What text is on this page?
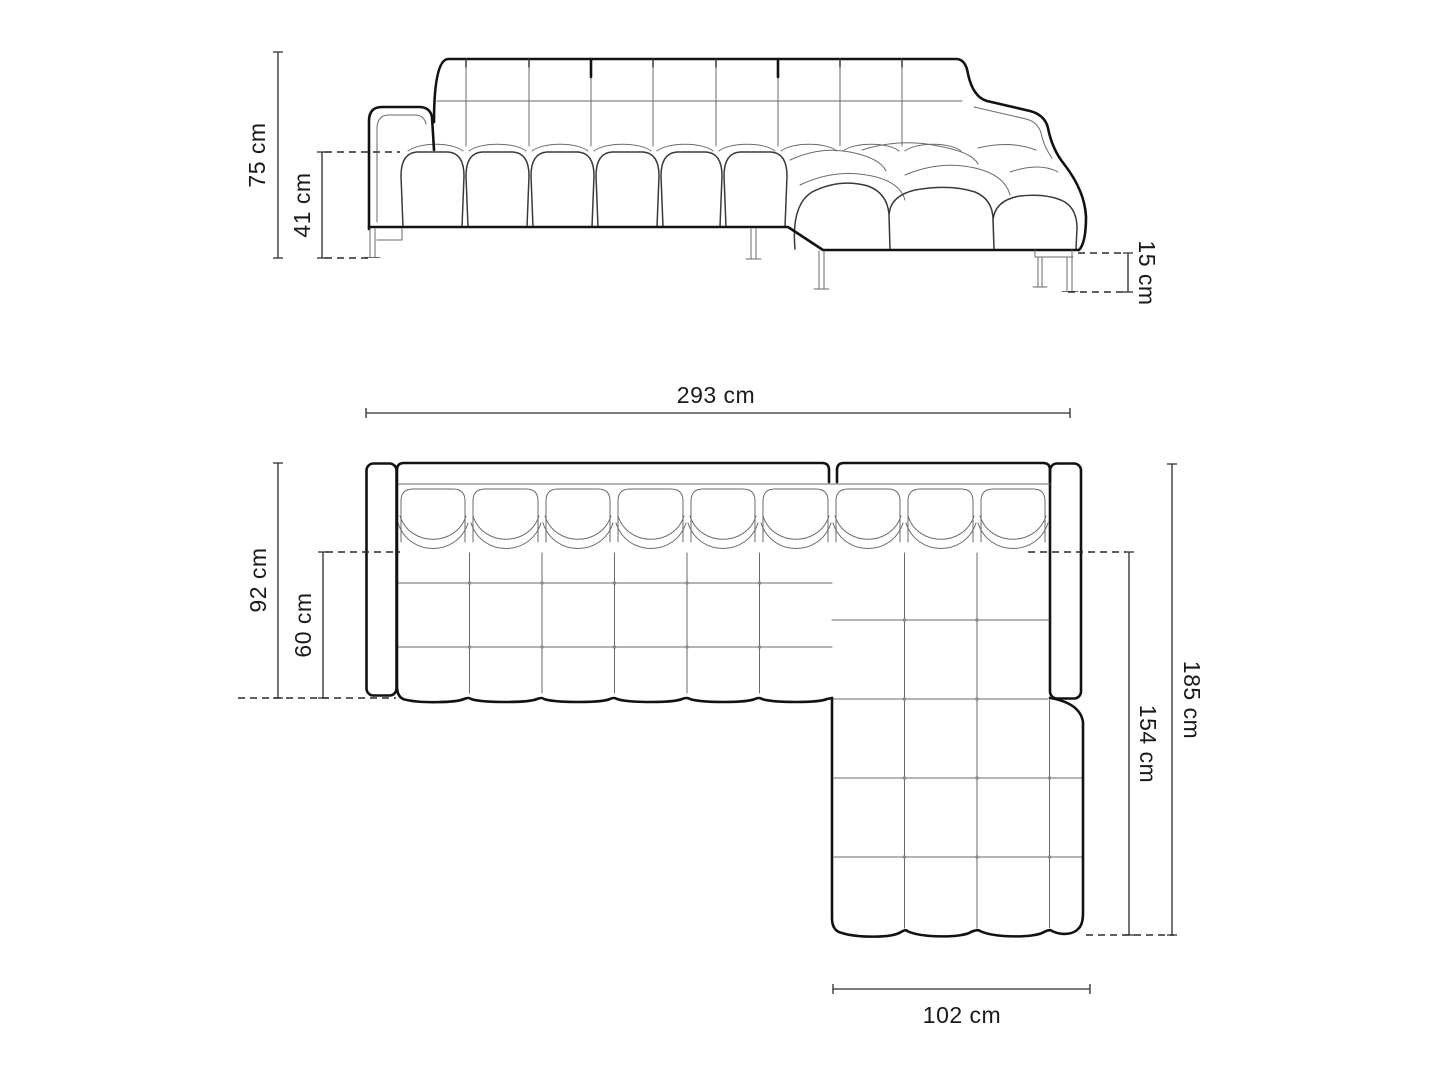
75 cm
41 cm
15 cm
293 cm
92 cm
60 cm
154 cm
185 cm
102 cm
